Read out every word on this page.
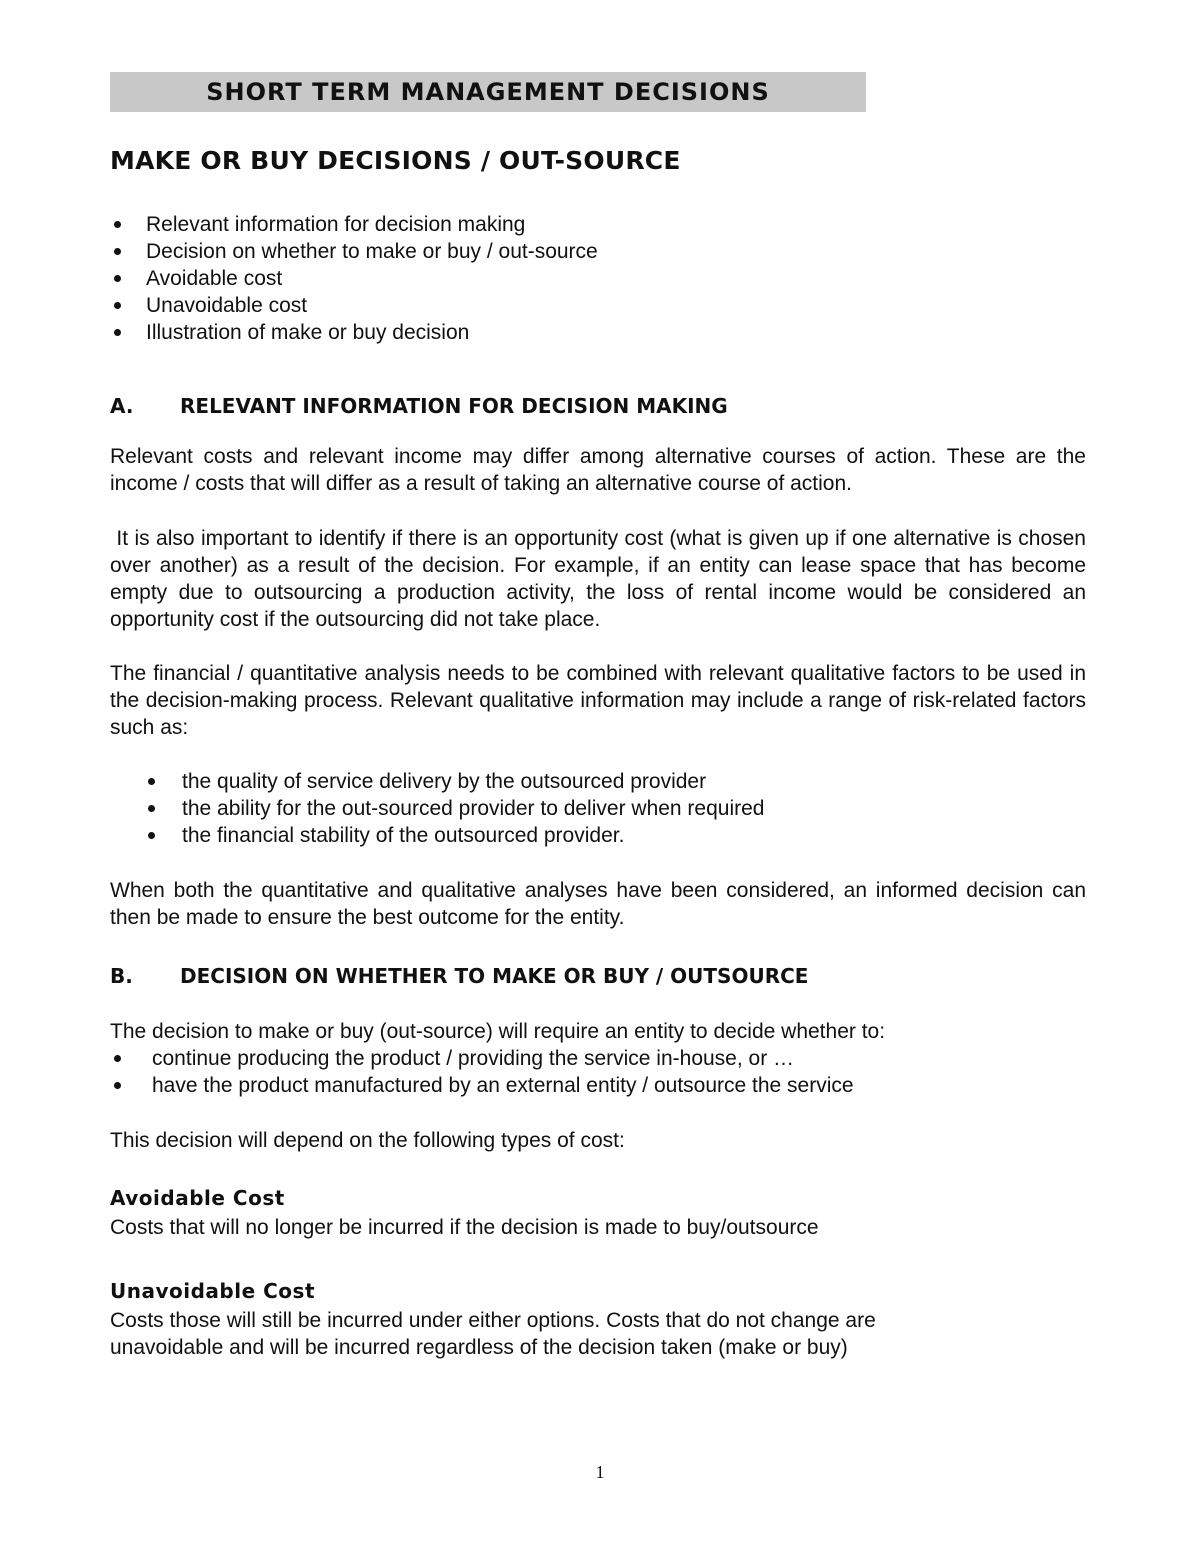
SHORT TERM MANAGEMENT DECISIONS
MAKE OR BUY DECISIONS / OUT-SOURCE
Relevant information for decision making
Decision on whether to make or buy / out-source
Avoidable cost
Unavoidable cost
Illustration of make or buy decision
A. RELEVANT INFORMATION FOR DECISION MAKING

Relevant costs and relevant income may differ among alternative courses of action. These are the income / costs that will differ as a result of taking an alternative course of action.

It is also important to identify if there is an opportunity cost (what is given up if one alternative is chosen over another) as a result of the decision. For example, if an entity can lease space that has become empty due to outsourcing a production activity, the loss of rental income would be considered an opportunity cost if the outsourcing did not take place.

The financial / quantitative analysis needs to be combined with relevant qualitative factors to be used in the decision-making process. Relevant qualitative information may include a range of risk-related factors such as:

the quality of service delivery by the outsourced provider
the ability for the out-sourced provider to deliver when required
the financial stability of the outsourced provider.

When both the quantitative and qualitative analyses have been considered, an informed decision can then be made to ensure the best outcome for the entity.

B. DECISION ON WHETHER TO MAKE OR BUY / OUTSOURCE

The decision to make or buy (out-source) will require an entity to decide whether to:

continue producing the product / providing the service in-house, or …
have the product manufactured by an external entity / outsource the service

This decision will depend on the following types of cost:

Avoidable Cost

Costs that will no longer be incurred if the decision is made to buy/outsource

Unavoidable Cost

Costs those will still be incurred under either options. Costs that do not change are unavoidable and will be incurred regardless of the decision taken (make or buy)

1
